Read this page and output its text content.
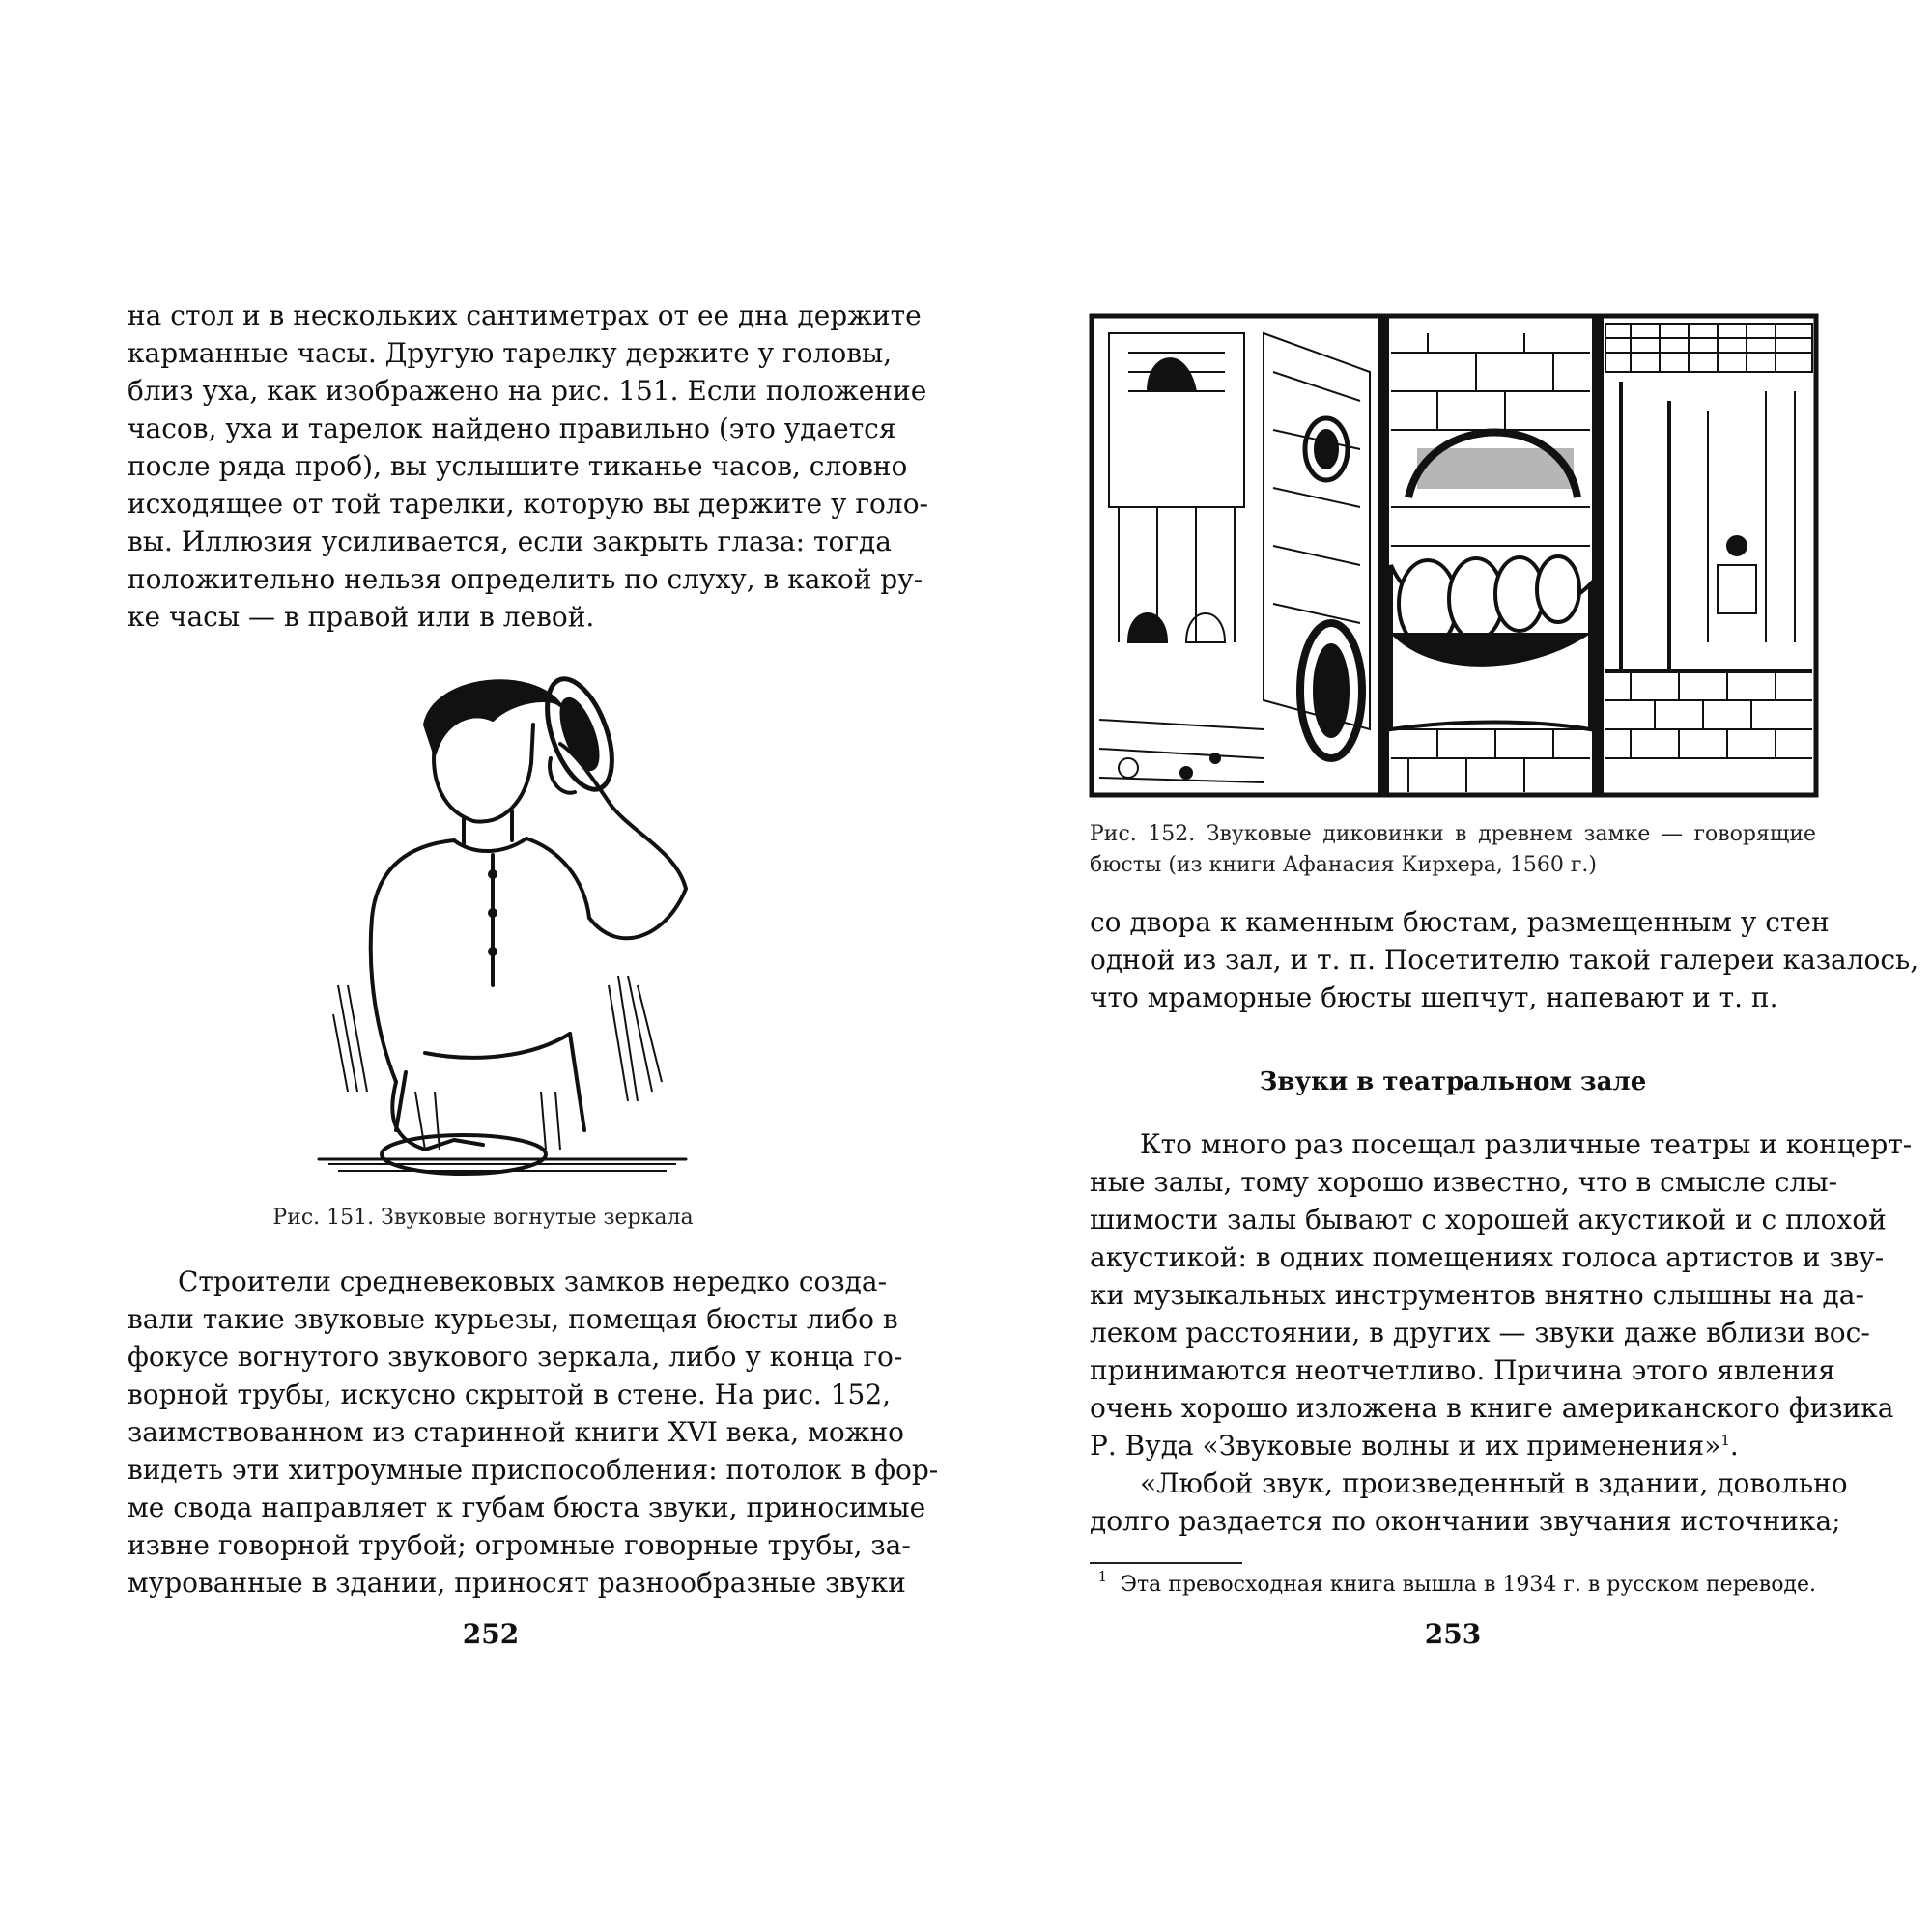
на стол и в нескольких сантиметрах от ее дна держите
карманные часы. Другую тарелку держите у головы,
близ уха, как изображено на рис. 151. Если положение
часов, уха и тарелок найдено правильно (это удается
после ряда проб), вы услышите тиканье часов, словно
исходящее от той тарелки, которую вы держите у голо-
вы. Иллюзия усиливается, если закрыть глаза: тогда
положительно нельзя определить по слуху, в какой ру-
ке часы — в правой или в левой.
Рис. 151. Звуковые вогнутые зеркала
Строители средневековых замков нередко созда-
вали такие звуковые курьезы, помещая бюсты либо в
фокусе вогнутого звукового зеркала, либо у конца го-
ворной трубы, искусно скрытой в стене. На рис. 152,
заимствованном из старинной книги XVI века, можно
видеть эти хитроумные приспособления: потолок в фор-
ме свода направляет к губам бюста звуки, приносимые
извне говорной трубой; огромные говорные трубы, за-
мурованные в здании, приносят разнообразные звуки
252
Рис. 152. Звуковые диковинки в древнем замке — говорящие
бюсты (из книги Афанасия Кирхера, 1560 г.)
со двора к каменным бюстам, размещенным у стен
одной из зал, и т. п. Посетителю такой галереи казалось,
что мраморные бюсты шепчут, напевают и т. п.
Звуки в театральном зале
Кто много раз посещал различные театры и концерт-
ные залы, тому хорошо известно, что в смысле слы-
шимости залы бывают с хорошей акустикой и с плохой
акустикой: в одних помещениях голоса артистов и зву-
ки музыкальных инструментов внятно слышны на да-
леком расстоянии, в других — звуки даже вблизи вос-
принимаются неотчетливо. Причина этого явления
очень хорошо изложена в книге американского физика
Р. Вуда «Звуковые волны и их применения»$^1$.
«Любой звук, произведенный в здании, довольно
долго раздается по окончании звучания источника;
$^1$ Эта превосходная книга вышла в 1934 г. в русском переводе.
253
